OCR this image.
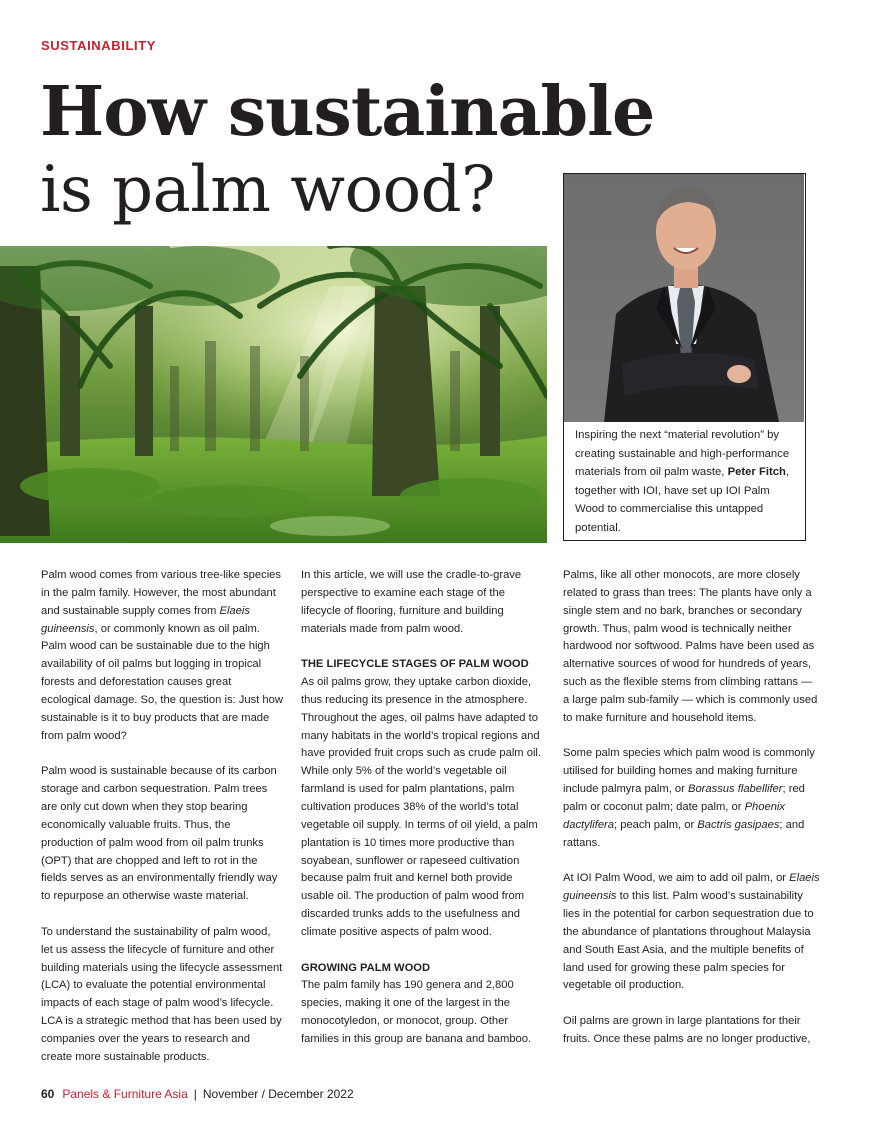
SUSTAINABILITY
How sustainable
is palm wood?
Inspiring the next “material revolution” by creating sustainable and high-performance materials from oil palm waste, Peter Fitch, together with IOI, have set up IOI Palm Wood to commercialise this untapped potential.

Palm wood comes from various tree-like species in the palm family. However, the most abundant and sustainable supply comes from Elaeis guineensis, or commonly known as oil palm. Palm wood can be sustainable due to the high availability of oil palms but logging in tropical forests and deforestation causes great ecological damage. So, the question is: Just how sustainable is it to buy products that are made from palm wood?

Palm wood is sustainable because of its carbon storage and carbon sequestration. Palm trees are only cut down when they stop bearing economically valuable fruits. Thus, the production of palm wood from oil palm trunks (OPT) that are chopped and left to rot in the fields serves as an environmentally friendly way to repurpose an otherwise waste material.

To understand the sustainability of palm wood, let us assess the lifecycle of furniture and other building materials using the lifecycle assessment (LCA) to evaluate the potential environmental impacts of each stage of palm wood’s lifecycle. LCA is a strategic method that has been used by companies over the years to research and create more sustainable products.

In this article, we will use the cradle-to-grave perspective to examine each stage of the lifecycle of flooring, furniture and building materials made from palm wood.

THE LIFECYCLE STAGES OF PALM WOOD

As oil palms grow, they uptake carbon dioxide, thus reducing its presence in the atmosphere. Throughout the ages, oil palms have adapted to many habitats in the world’s tropical regions and have provided fruit crops such as crude palm oil. While only 5% of the world’s vegetable oil farmland is used for palm plantations, palm cultivation produces 38% of the world’s total vegetable oil supply. In terms of oil yield, a palm plantation is 10 times more productive than soyabean, sunflower or rapeseed cultivation because palm fruit and kernel both provide usable oil. The production of palm wood from discarded trunks adds to the usefulness and climate positive aspects of palm wood.

GROWING PALM WOOD

The palm family has 190 genera and 2,800 species, making it one of the largest in the monocotyledon, or monocot, group. Other families in this group are banana and bamboo.

Palms, like all other monocots, are more closely related to grass than trees: The plants have only a single stem and no bark, branches or secondary growth. Thus, palm wood is technically neither hardwood nor softwood. Palms have been used as alternative sources of wood for hundreds of years, such as the flexible stems from climbing rattans — a large palm sub-family — which is commonly used to make furniture and household items.

Some palm species which palm wood is commonly utilised for building homes and making furniture include palmyra palm, or Borassus flabellifer; red palm or coconut palm; date palm, or Phoenix dactylifera; peach palm, or Bactris gasipaes; and rattans.

At IOI Palm Wood, we aim to add oil palm, or Elaeis guineensis to this list. Palm wood’s sustainability lies in the potential for carbon sequestration due to the abundance of plantations throughout Malaysia and South East Asia, and the multiple benefits of land used for growing these palm species for vegetable oil production.

Oil palms are grown in large plantations for their fruits. Once these palms are no longer productive,

60 Panels & Furniture Asia | November / December 2022
